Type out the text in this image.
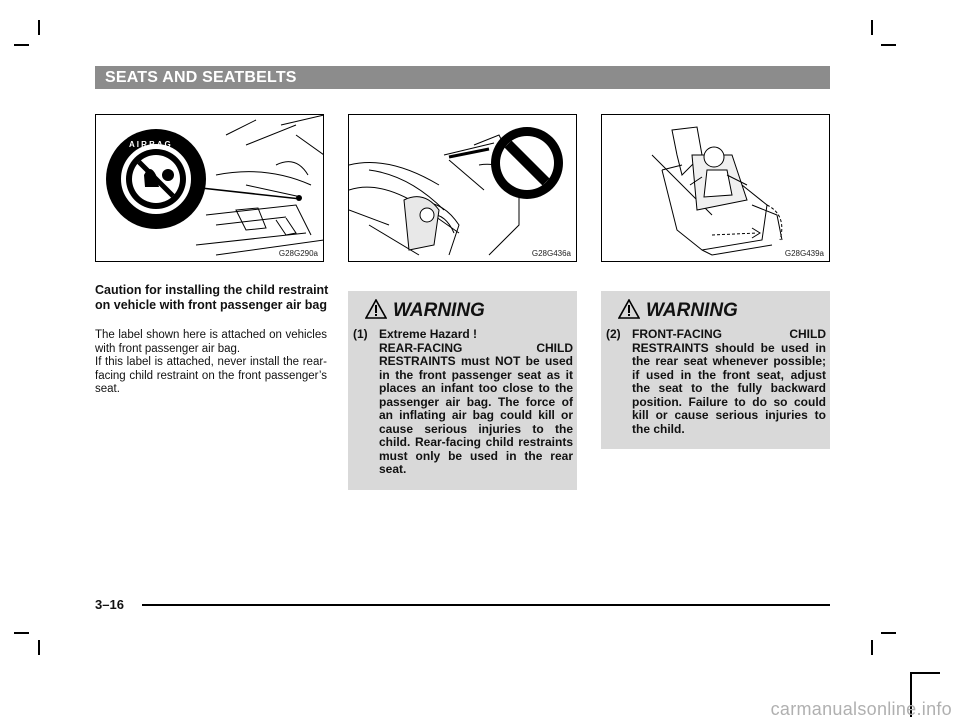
SEATS AND SEATBELTS
A I R B A G
G28G290a	G28G436a	G28G439a
Caution for installing the child restraint on vehicle with front passenger air bag

The label shown here is attached on vehicles with front passenger air bag.

If this label is attached, never install the rear-facing child restraint on the front passenger’s seat.

WARNING
(1) Extreme Hazard !

REAR-FACING CHILD RESTRAINTS must NOT be used in the front passenger seat as it places an infant too close to the passenger air bag. The force of an inflating air bag could kill or cause serious injuries to the child. Rear-facing child restraints must only be used in the rear seat.

WARNING
(2) FRONT-FACING CHILD RESTRAINTS should be used in the rear seat whenever possible; if used in the front seat, adjust the seat to the fully backward position. Failure to do so could kill or cause serious injuries to the child.

3–16
carmanualsonline.info
